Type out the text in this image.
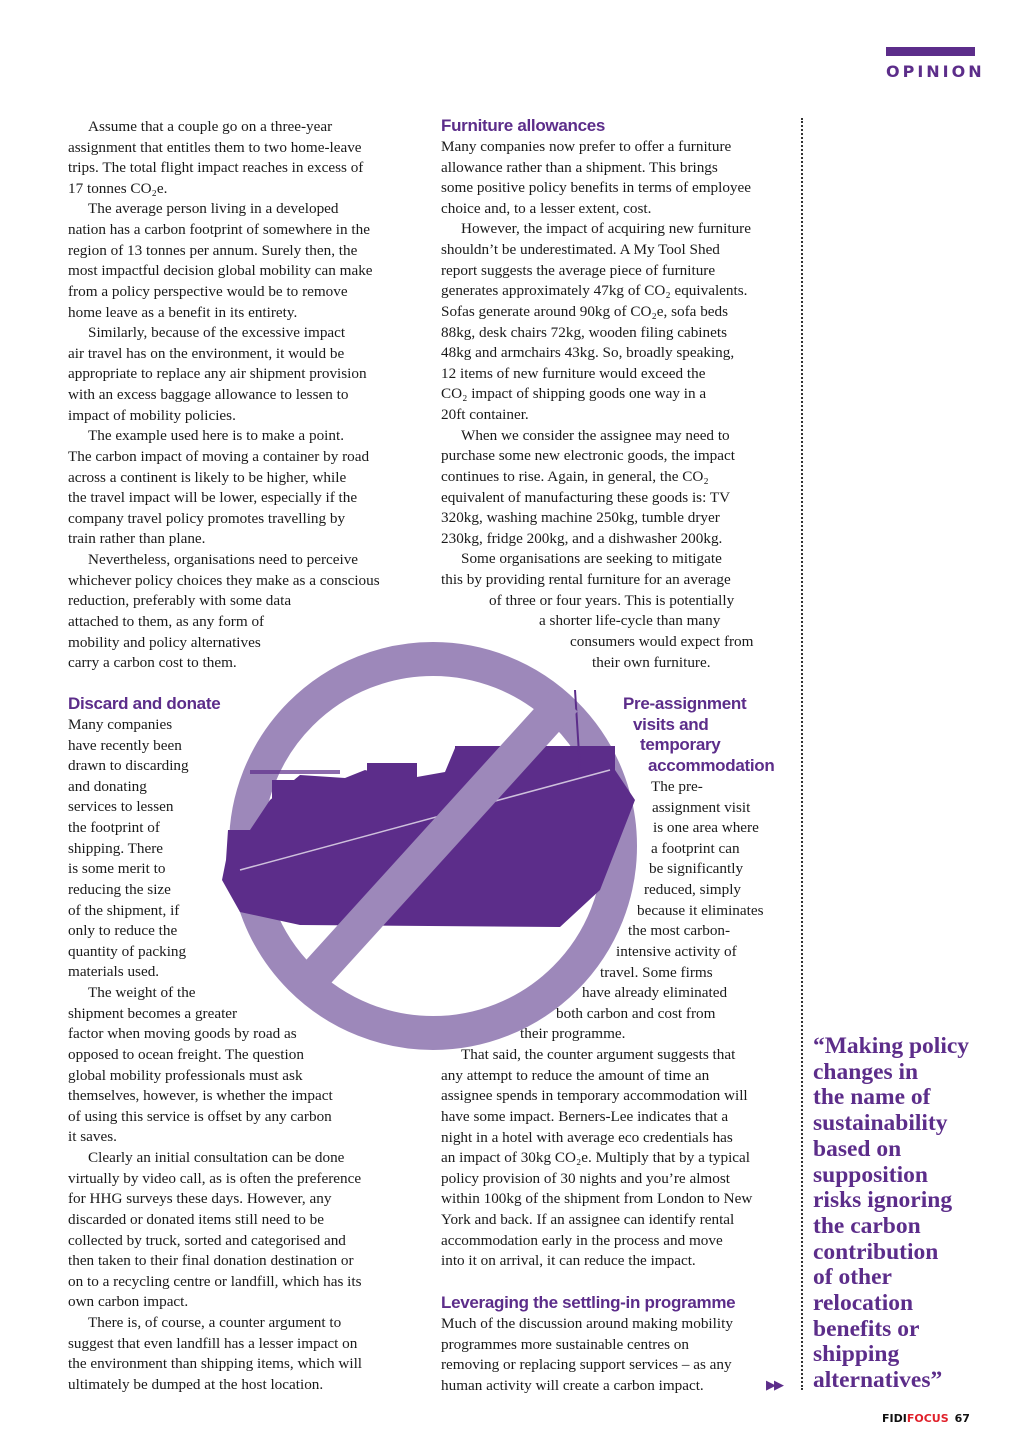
OPINION
Assume that a couple go on a three-year
assignment that entitles them to two home-leave
trips. The total flight impact reaches in excess of
17 tonnes CO₂e.
The average person living in a developed
nation has a carbon footprint of somewhere in the
region of 13 tonnes per annum. Surely then, the
most impactful decision global mobility can make
from a policy perspective would be to remove
home leave as a benefit in its entirety.
Similarly, because of the excessive impact
air travel has on the environment, it would be
appropriate to replace any air shipment provision
with an excess baggage allowance to lessen to
impact of mobility policies.
The example used here is to make a point.
The carbon impact of moving a container by road
across a continent is likely to be higher, while
the travel impact will be lower, especially if the
company travel policy promotes travelling by
train rather than plane.
Nevertheless, organisations need to perceive
whichever policy choices they make as a conscious
reduction, preferably with some data
attached to them, as any form of
mobility and policy alternatives
carry a carbon cost to them.
Discard and donate
Many companies
have recently been
drawn to discarding
and donating
services to lessen
the footprint of
shipping. There
is some merit to
reducing the size
of the shipment, if
only to reduce the
quantity of packing
materials used.
The weight of the
shipment becomes a greater
factor when moving goods by road as
opposed to ocean freight. The question
global mobility professionals must ask
themselves, however, is whether the impact
of using this service is offset by any carbon
it saves.
Clearly an initial consultation can be done
virtually by video call, as is often the preference
for HHG surveys these days. However, any
discarded or donated items still need to be
collected by truck, sorted and categorised and
then taken to their final donation destination or
on to a recycling centre or landfill, which has its
own carbon impact.
There is, of course, a counter argument to
suggest that even landfill has a lesser impact on
the environment than shipping items, which will
ultimately be dumped at the host location.
Furniture allowances
Many companies now prefer to offer a furniture
allowance rather than a shipment. This brings
some positive policy benefits in terms of employee
choice and, to a lesser extent, cost.
However, the impact of acquiring new furniture
shouldn’t be underestimated. A My Tool Shed
report suggests the average piece of furniture
generates approximately 47kg of CO₂ equivalents.
Sofas generate around 90kg of CO₂e, sofa beds
88kg, desk chairs 72kg, wooden filing cabinets
48kg and armchairs 43kg. So, broadly speaking,
12 items of new furniture would exceed the
CO₂ impact of shipping goods one way in a
20ft container.
When we consider the assignee may need to
purchase some new electronic goods, the impact
continues to rise. Again, in general, the CO₂
equivalent of manufacturing these goods is: TV
320kg, washing machine 250kg, tumble dryer
230kg, fridge 200kg, and a dishwasher 200kg.
Some organisations are seeking to mitigate
this by providing rental furniture for an average
of three or four years. This is potentially
a shorter life-cycle than many
consumers would expect from
their own furniture.
Pre-assignment
visits and
temporary
accommodation
The pre-
assignment visit
is one area where
a footprint can
be significantly
reduced, simply
because it eliminates
the most carbon-
intensive activity of
travel. Some firms
have already eliminated
both carbon and cost from
their programme.
That said, the counter argument suggests that
any attempt to reduce the amount of time an
assignee spends in temporary accommodation will
have some impact. Berners-Lee indicates that a
night in a hotel with average eco credentials has
an impact of 30kg CO₂e. Multiply that by a typical
policy provision of 30 nights and you’re almost
within 100kg of the shipment from London to New
York and back. If an assignee can identify rental
accommodation early in the process and move
into it on arrival, it can reduce the impact.
Leveraging the settling-in programme
Much of the discussion around making mobility
programmes more sustainable centres on
removing or replacing support services – as any
human activity will create a carbon impact.
“Making policy
changes in
the name of
sustainability
based on
supposition
risks ignoring
the carbon
contribution
of other
relocation
benefits or
shipping
alternatives”
▶▶
FIDIFOCUS 67
